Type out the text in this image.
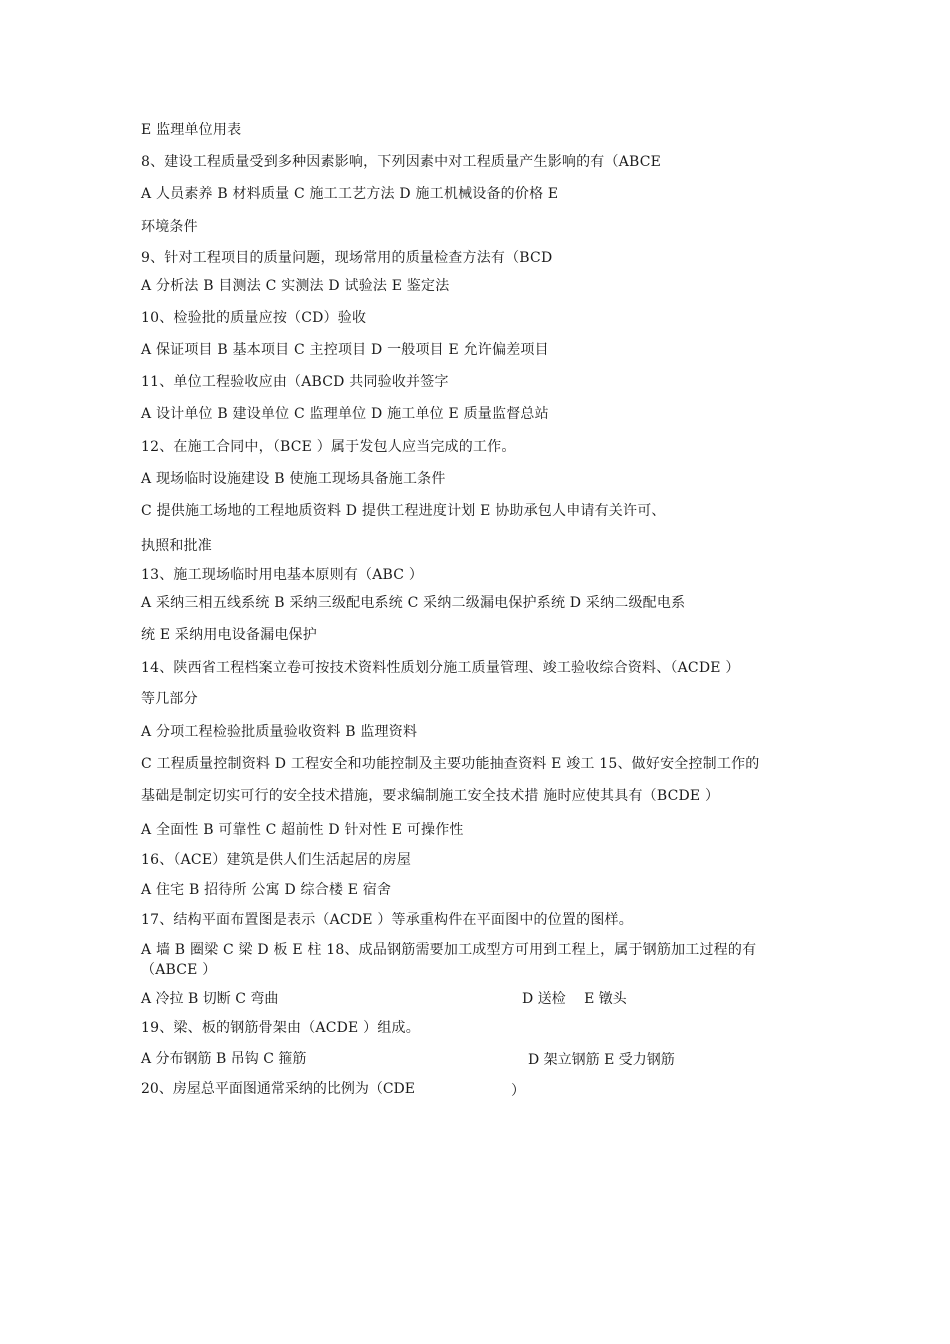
E 监理单位用表
8、建设工程质量受到多种因素影响，下列因素中对工程质量产生影响的有（ABCE
A 人员素养 B 材料质量 C 施工工艺方法 D 施工机械设备的价格 E
环境条件
9、针对工程项目的质量问题，现场常用的质量检查方法有（BCD
A 分析法 B 目测法 C 实测法 D 试验法 E 鉴定法
10、检验批的质量应按（CD）验收
A 保证项目 B 基本项目 C 主控项目 D 一般项目 E 允许偏差项目
11、单位工程验收应由（ABCD 共同验收并签字
A 设计单位 B 建设单位 C 监理单位 D 施工单位 E 质量监督总站
12、在施工合同中，（BCE ）属于发包人应当完成的工作。
A 现场临时设施建设 B 使施工现场具备施工条件
C 提供施工场地的工程地质资料 D 提供工程进度计划 E 协助承包人申请有关许可、
执照和批准
13、施工现场临时用电基本原则有（ABC ）
A 采纳三相五线系统 B 采纳三级配电系统 C 采纳二级漏电保护系统 D 采纳二级配电系
统 E 采纳用电设备漏电保护
14、陕西省工程档案立卷可按技术资料性质划分施工质量管理、竣工验收综合资料、（ACDE ）
等几部分
A 分项工程检验批质量验收资料 B 监理资料
C 工程质量控制资料 D 工程安全和功能控制及主要功能抽查资料 E 竣工 15、做好安全控制工作的
基础是制定切实可行的安全技术措施，要求编制施工安全技术措 施时应使其具有（BCDE ）
A 全面性 B 可靠性 C 超前性 D 针对性 E 可操作性
16、（ACE）建筑是供人们生活起居的房屋
A 住宅 B 招待所 公寓 D 综合楼 E 宿舍
17、结构平面布置图是表示（ACDE ）等承重构件在平面图中的位置的图样。
A 墙 B 圈梁 C 梁 D 板 E 柱 18、成品钢筋需要加工成型方可用到工程上，属于钢筋加工过程的有
（ABCE ）
A 冷拉 B 切断 C 弯曲	D 送检　 E 镦头
19、梁、板的钢筋骨架由（ACDE ）组成。
A 分布钢筋 B 吊钩 C 箍筋	D 架立钢筋 E 受力钢筋
20、房屋总平面图通常采纳的比例为（CDE	）
